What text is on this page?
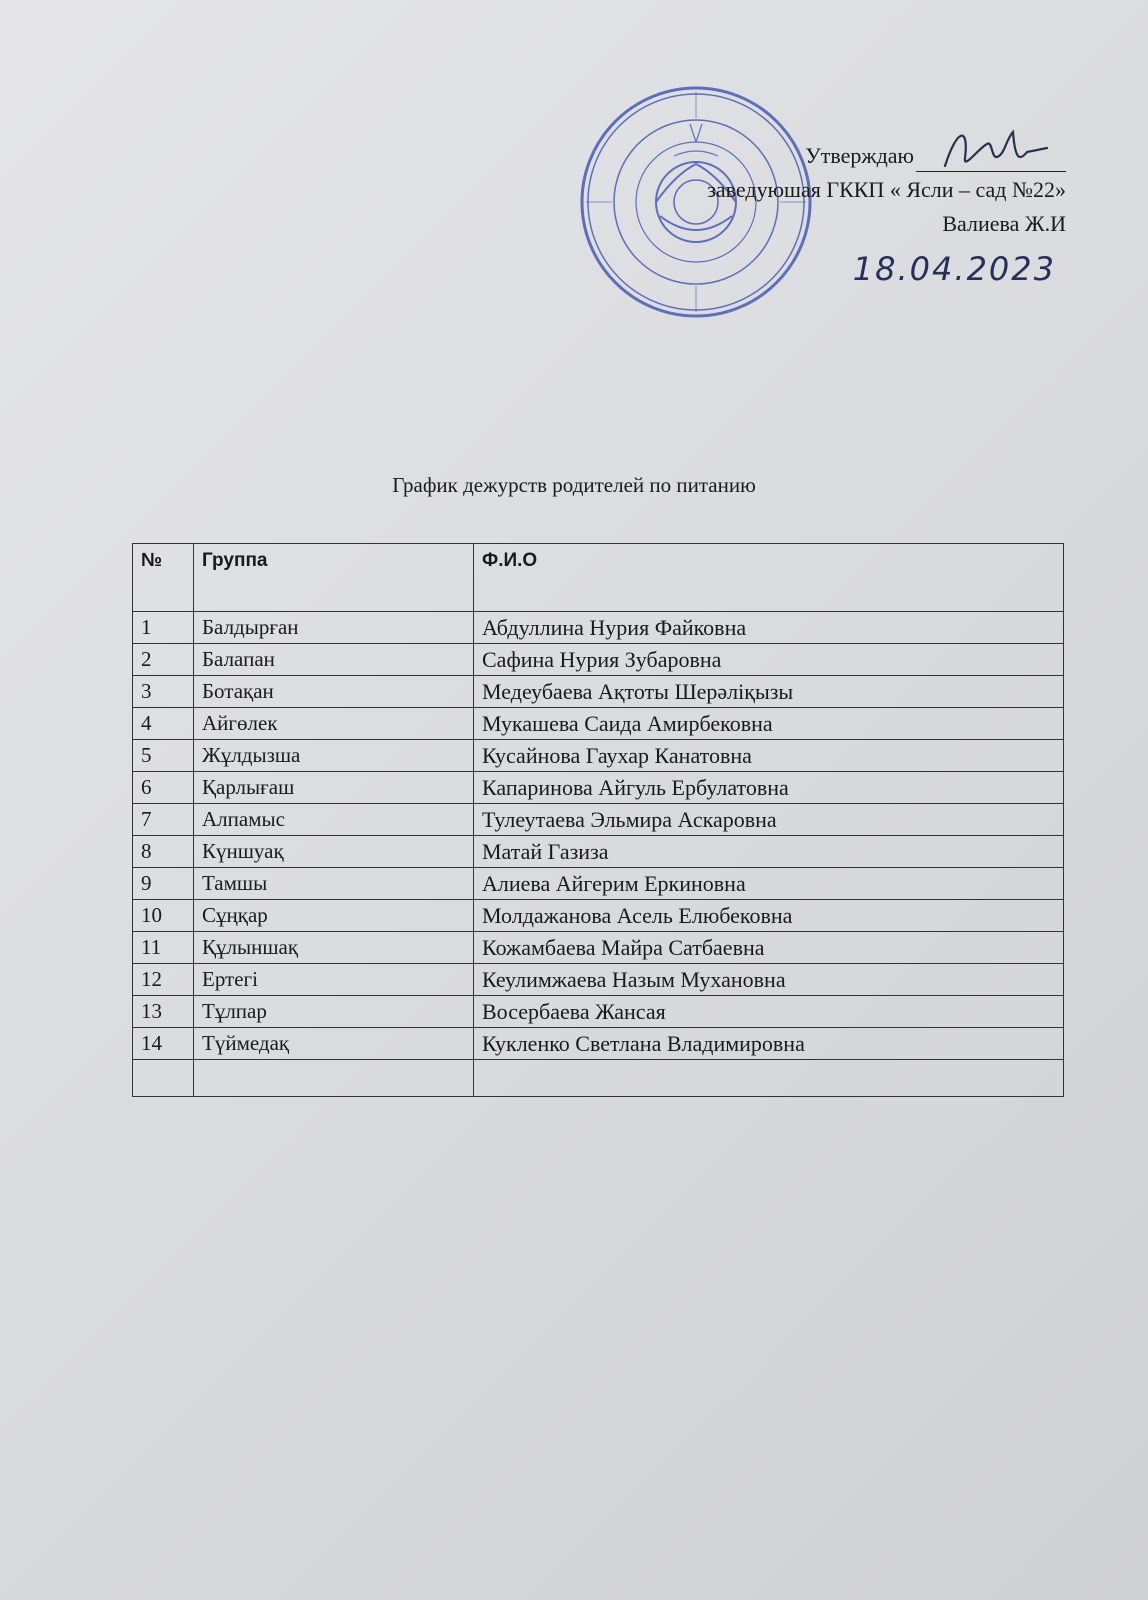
Утверждаю
заведуюшая ГККП « Ясли – сад №22»
Валиева Ж.И
18.04.2023
График дежурств родителей по питанию
№	Группа	Ф.И.О
1	Балдырған	Абдуллина Нурия Файковна
2	Балапан	Сафина Нурия Зубаровна
3	Ботақан	Медеубаева Ақтоты Шерәліқызы
4	Айгөлек	Мукашева Саида Амирбековна
5	Жұлдызша	Кусайнова Гаухар Канатовна
6	Қарлығаш	Капаринова Айгуль Ербулатовна
7	Алпамыс	Тулеутаева Эльмира Аскаровна
8	Күншуақ	Матай Газиза
9	Тамшы	Алиева Айгерим Еркиновна
10	Сұңқар	Молдажанова Асель Елюбековна
11	Құлыншақ	Кожамбаева Майра Сатбаевна
12	Ертегі	Кеулимжаева Назым Мухановна
13	Тұлпар	Восербаева Жансая
14	Түймедақ	Кукленко Светлана Владимировна
